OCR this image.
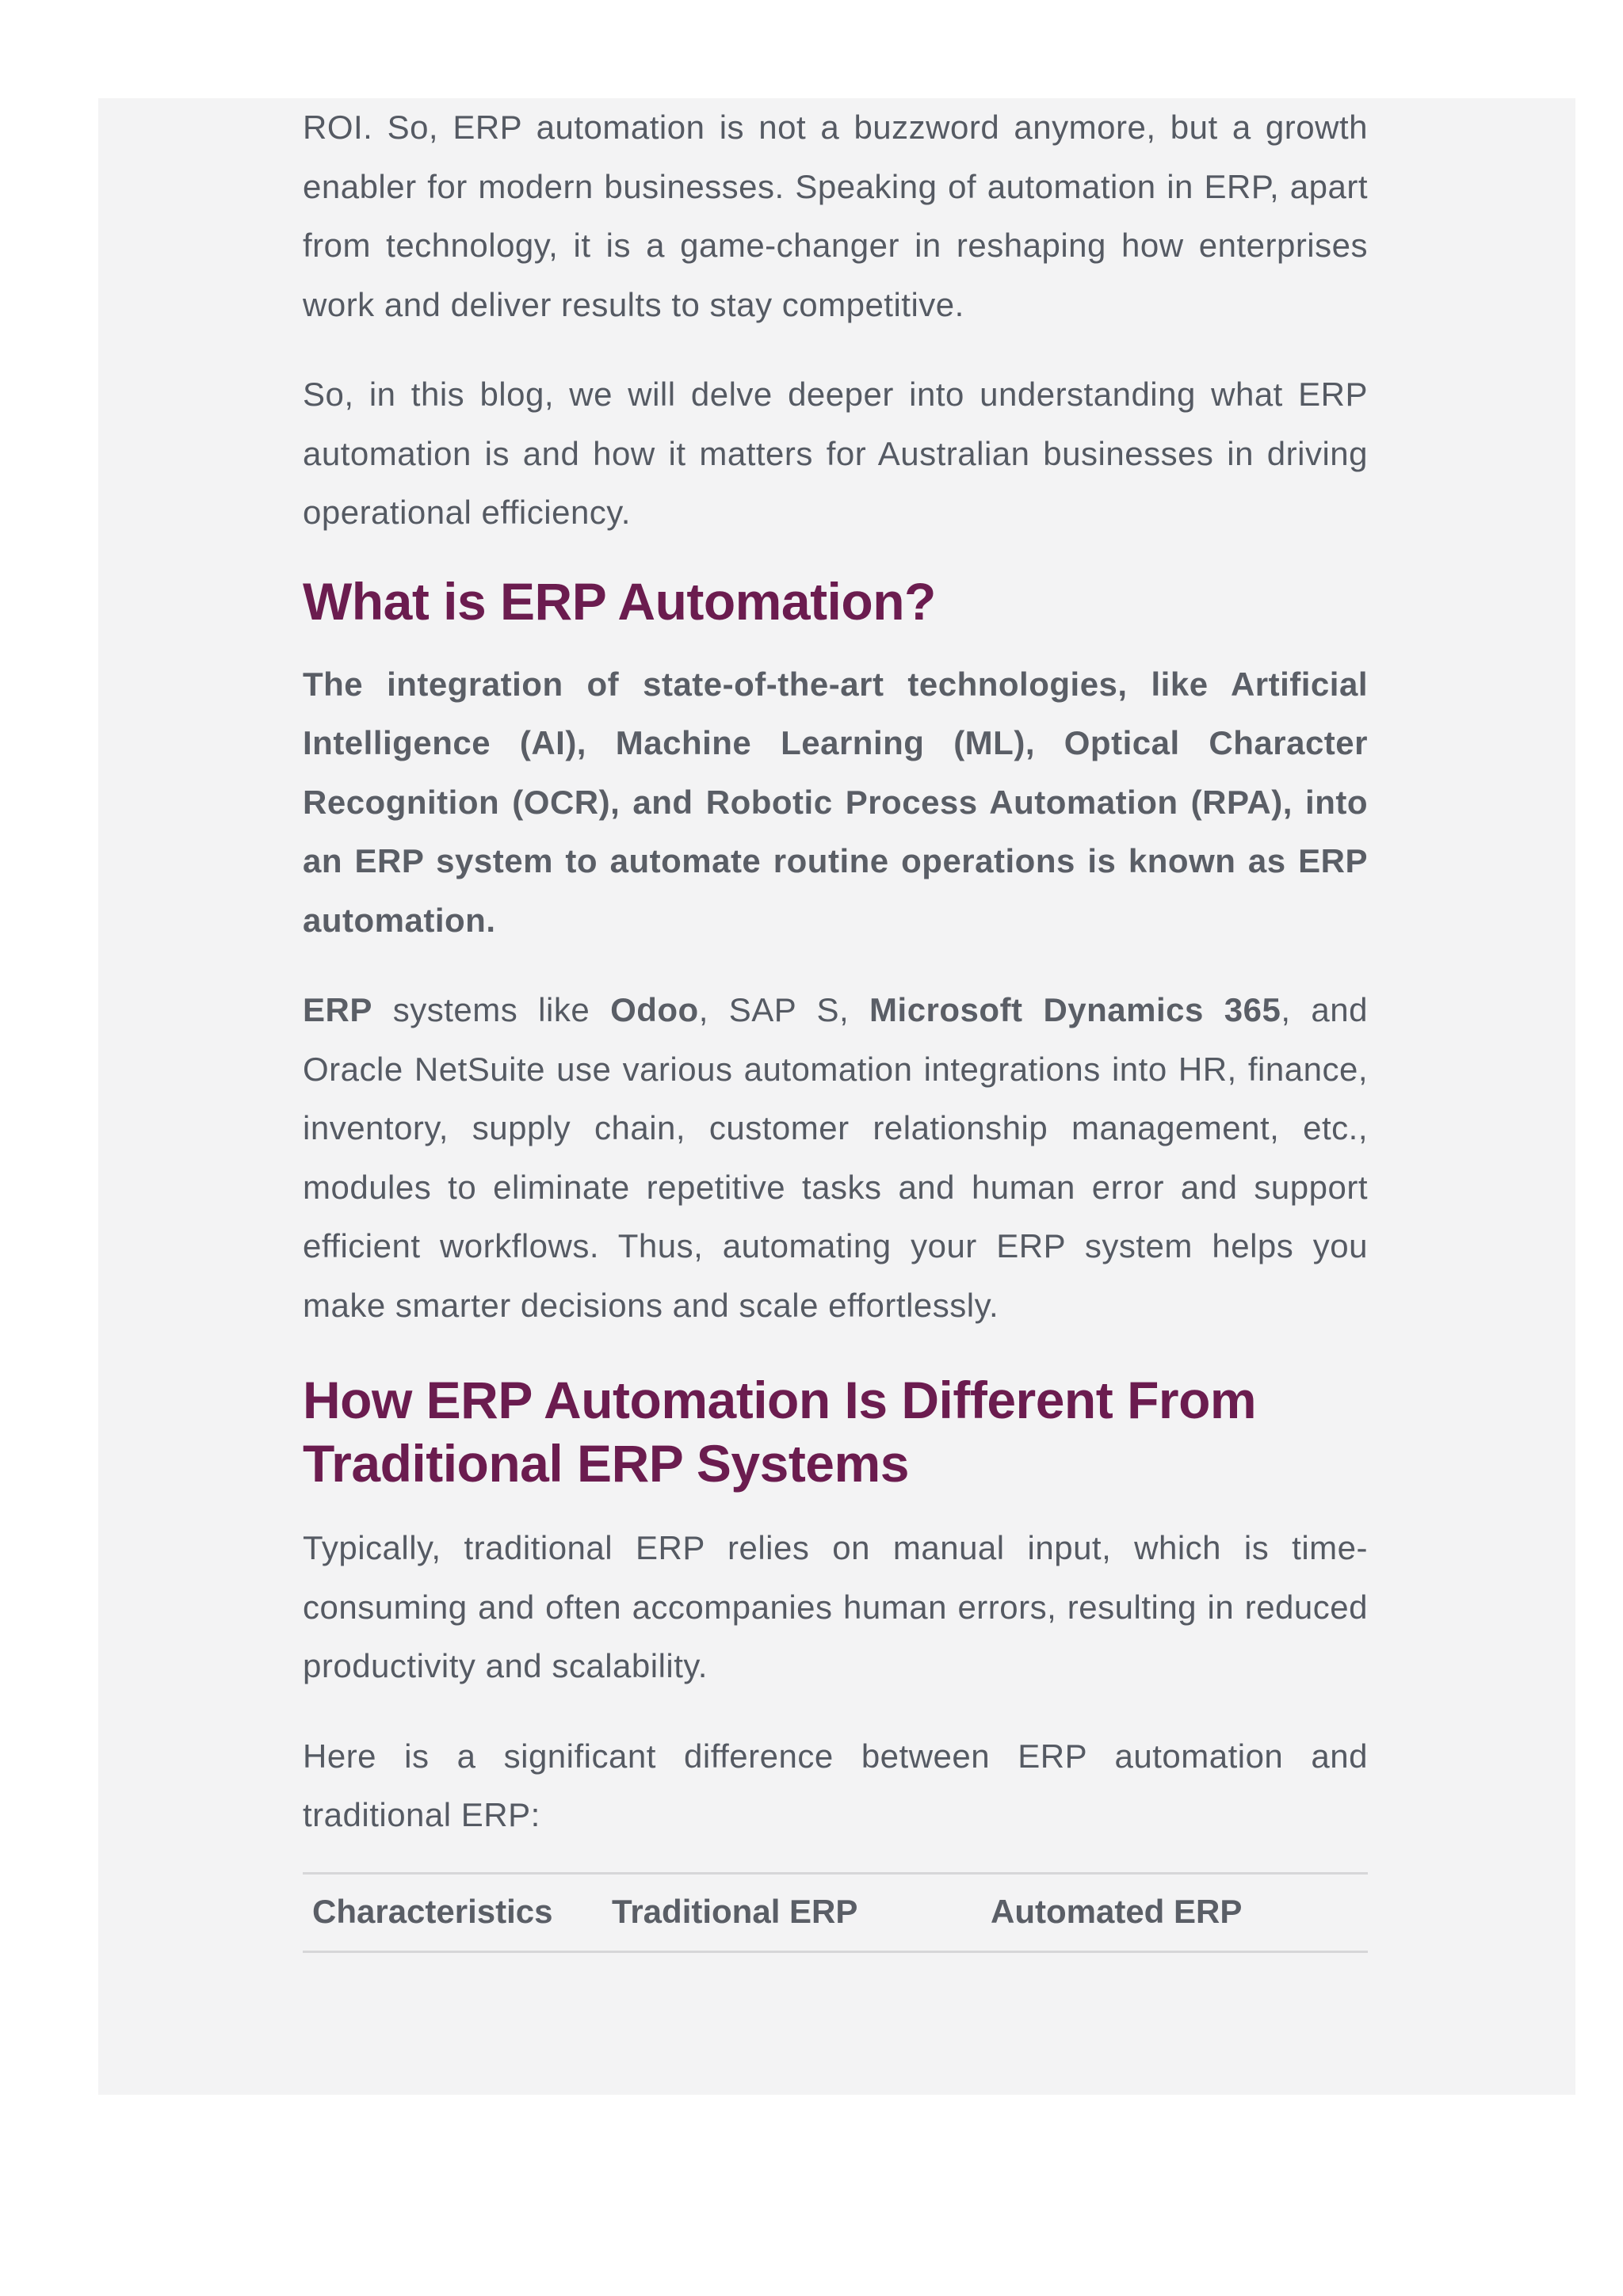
ROI. So, ERP automation is not a buzzword anymore, but a growth enabler for modern businesses. Speaking of automation in ERP, apart from technology, it is a game-changer in reshaping how enterprises work and deliver results to stay competitive.

So, in this blog, we will delve deeper into understanding what ERP automation is and how it matters for Australian businesses in driving operational efficiency.

What is ERP Automation?

The integration of state-of-the-art technologies, like Artificial Intelligence (AI), Machine Learning (ML), Optical Character Recognition (OCR), and Robotic Process Automation (RPA), into an ERP system to automate routine operations is known as ERP automation.

ERP systems like Odoo, SAP S, Microsoft Dynamics 365, and Oracle NetSuite use various automation integrations into HR, finance, inventory, supply chain, customer relationship management, etc., modules to eliminate repetitive tasks and human error and support efficient workflows. Thus, automating your ERP system helps you make smarter decisions and scale effortlessly.

How ERP Automation Is Different From Traditional ERP Systems

Typically, traditional ERP relies on manual input, which is time-consuming and often accompanies human errors, resulting in reduced productivity and scalability.

Here is a significant difference between ERP automation and traditional ERP:

Characteristics	Traditional ERP	Automated ERP
